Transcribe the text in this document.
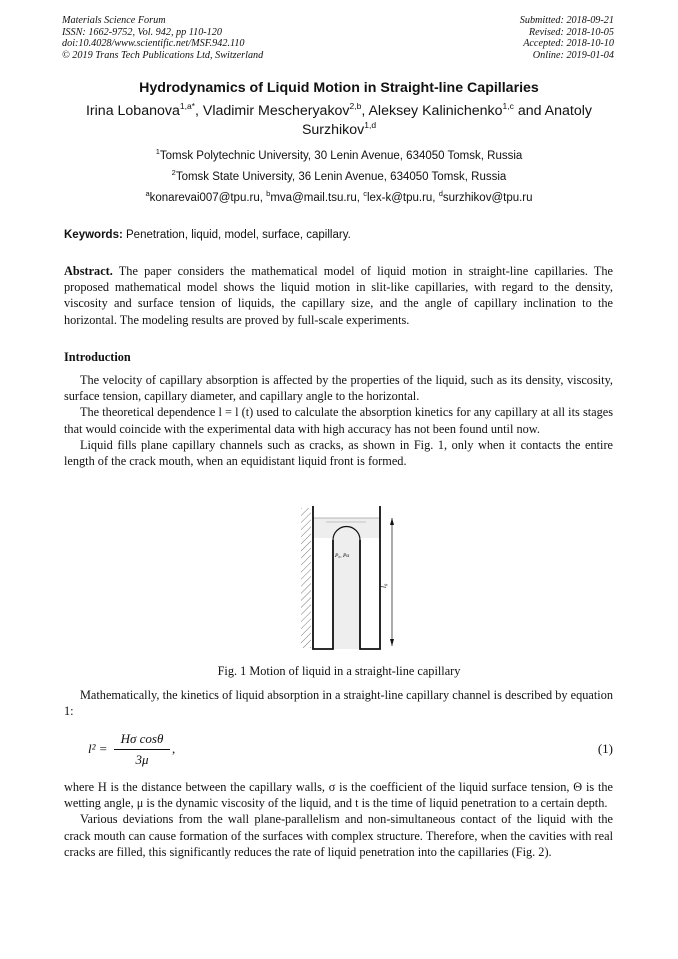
Materials Science Forum
ISSN: 1662-9752, Vol. 942, pp 110-120
doi:10.4028/www.scientific.net/MSF.942.110
© 2019 Trans Tech Publications Ltd, Switzerland
Submitted: 2018-09-21
Revised: 2018-10-05
Accepted: 2018-10-10
Online: 2019-01-04
Hydrodynamics of Liquid Motion in Straight-line Capillaries
Irina Lobanova$^{1,a*}$, Vladimir Mescheryakov$^{2,b}$, Aleksey Kalinichenko$^{1,c}$ and Anatoly Surzhikov$^{1,d}$
$^1$Tomsk Polytechnic University, 30 Lenin Avenue, 634050 Tomsk, Russia
$^2$Tomsk State University, 36 Lenin Avenue, 634050 Tomsk, Russia
$^a$konarevai007@tpu.ru, $^b$mva@mail.tsu.ru, $^c$lex-k@tpu.ru, $^d$surzhikov@tpu.ru
Keywords: Penetration, liquid, model, surface, capillary.

Abstract. The paper considers the mathematical model of liquid motion in straight-line capillaries. The proposed mathematical model shows the liquid motion in slit-like capillaries, with regard to the density, viscosity and surface tension of liquids, the capillary size, and the angle of capillary inclination to the horizontal. The modeling results are proved by full-scale experiments.

Introduction

The velocity of capillary absorption is affected by the properties of the liquid, such as its density, viscosity, surface tension, capillary diameter, and capillary angle to the horizontal.

The theoretical dependence l = l (t) used to calculate the absorption kinetics for any capillary at all its stages that would coincide with the experimental data with high accuracy has not been found until now.

Liquid fills plane capillary channels such as cracks, as shown in Fig. 1, only when it contacts the entire length of the crack mouth, when an equidistant liquid front is formed.

P₀, Pа
l₀
Fig. 1 Motion of liquid in a straight-line capillary

Mathematically, the kinetics of liquid absorption in a straight-line capillary channel is described by equation 1:

$l^2 = \frac{\text{Hσ cosθ}}{3\mu}$ ,	(1)

where H is the distance between the capillary walls, σ is the coefficient of the liquid surface tension, Θ is the wetting angle, μ is the dynamic viscosity of the liquid, and t is the time of liquid penetration to a certain depth.

Various deviations from the wall plane-parallelism and non-simultaneous contact of the liquid with the crack mouth can cause formation of the surfaces with complex structure. Therefore, when the cavities with real cracks are filled, this significantly reduces the rate of liquid penetration into the capillaries (Fig. 2).
